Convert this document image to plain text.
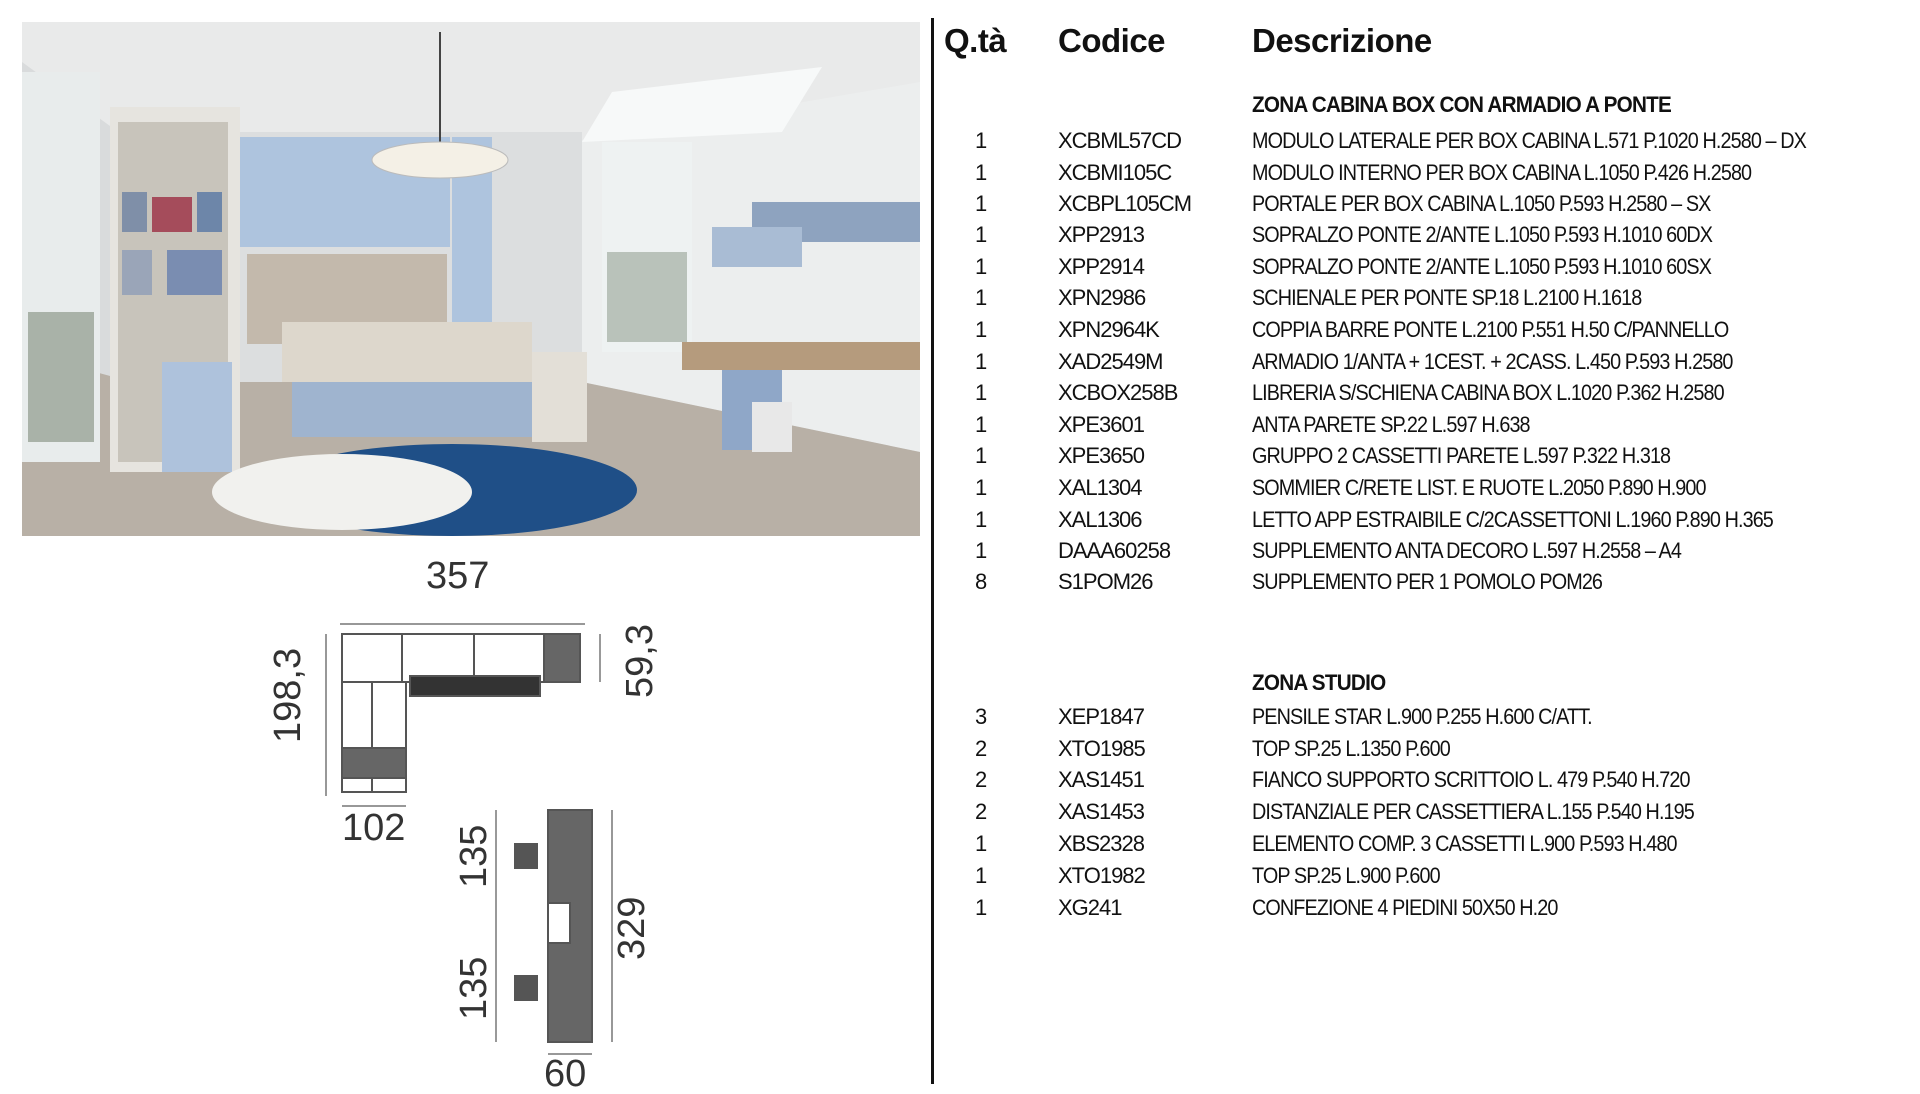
357
198,3	59,3
102 135
135
329
60
Q.tà Codice	Descrizione
ZONA CABINA BOX CON ARMADIO A PONTE
1	XCBML57CD	MODULO LATERALE PER BOX CABINA L.571 P.1020 H.2580 – DX
1	XCBMI105C	MODULO INTERNO PER BOX CABINA L.1050 P.426 H.2580
1	XCBPL105CM	PORTALE PER BOX CABINA L.1050 P.593 H.2580 – SX
1	XPP2913	SOPRALZO PONTE 2/ANTE L.1050 P.593 H.1010 60DX
1	XPP2914	SOPRALZO PONTE 2/ANTE L.1050 P.593 H.1010 60SX
1	XPN2986	SCHIENALE PER PONTE SP.18 L.2100 H.1618
1	XPN2964K	COPPIA BARRE PONTE L.2100 P.551 H.50 C/PANNELLO
1	XAD2549M	ARMADIO 1/ANTA + 1CEST. + 2CASS. L.450 P.593 H.2580
1	XCBOX258B	LIBRERIA S/SCHIENA CABINA BOX L.1020 P.362 H.2580
1	XPE3601	ANTA PARETE SP.22 L.597 H.638
1	XPE3650	GRUPPO 2 CASSETTI PARETE L.597 P.322 H.318
1	XAL1304	SOMMIER C/RETE LIST. E RUOTE L.2050 P.890 H.900
1	XAL1306	LETTO APP ESTRAIBILE C/2CASSETTONI L.1960 P.890 H.365
1	DAAA60258	SUPPLEMENTO ANTA DECORO L.597 H.2558 – A4
8	S1POM26	SUPPLEMENTO PER 1 POMOLO POM26
ZONA STUDIO
3	XEP1847	PENSILE STAR L.900 P.255 H.600 C/ATT.
2	XTO1985	TOP SP.25 L.1350 P.600
2	XAS1451	FIANCO SUPPORTO SCRITTOIO L. 479 P.540 H.720
2	XAS1453	DISTANZIALE PER CASSETTIERA L.155 P.540 H.195
1	XBS2328	ELEMENTO COMP. 3 CASSETTI L.900 P.593 H.480
1	XTO1982	TOP SP.25 L.900 P.600
1	XG241	CONFEZIONE 4 PIEDINI 50X50 H.20
